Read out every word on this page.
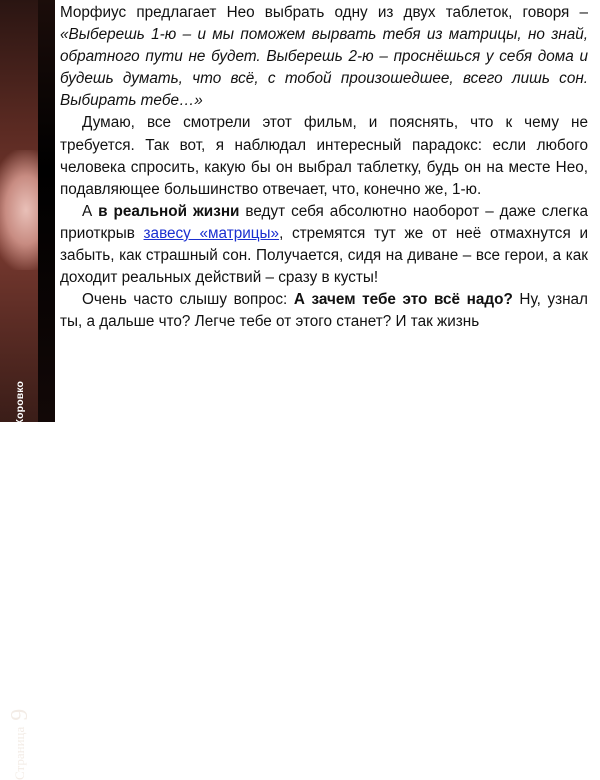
Страница
9
Ликвидируем своё незнание о незнании. Владимир Коровко

Морфиус предлагает Нео выбрать одну из двух таблеток, говоря – «Выберешь 1-ю – и мы поможем вырвать тебя из матрицы, но знай, обратного пути не будет. Выберешь 2-ю – проснёшься у себя дома и будешь думать, что всё, с тобой произошедшее, всего лишь сон. Выбирать тебе…»

Думаю, все смотрели этот фильм, и пояснять, что к чему не требуется. Так вот, я наблюдал интересный парадокс: если любого человека спросить, какую бы он выбрал таблетку, будь он на месте Нео, подавляющее большинство отвечает, что, конечно же, 1-ю.

А в реальной жизни ведут себя абсолютно наоборот – даже слегка приоткрыв завесу «матрицы», стремятся тут же от неё отмахнутся и забыть, как страшный сон. Получается, сидя на диване – все герои, а как доходит реальных действий – сразу в кусты!

Очень часто слышу вопрос: А зачем тебе это всё надо? Ну, узнал ты, а дальше что? Легче тебе от этого станет? И так жизнь
